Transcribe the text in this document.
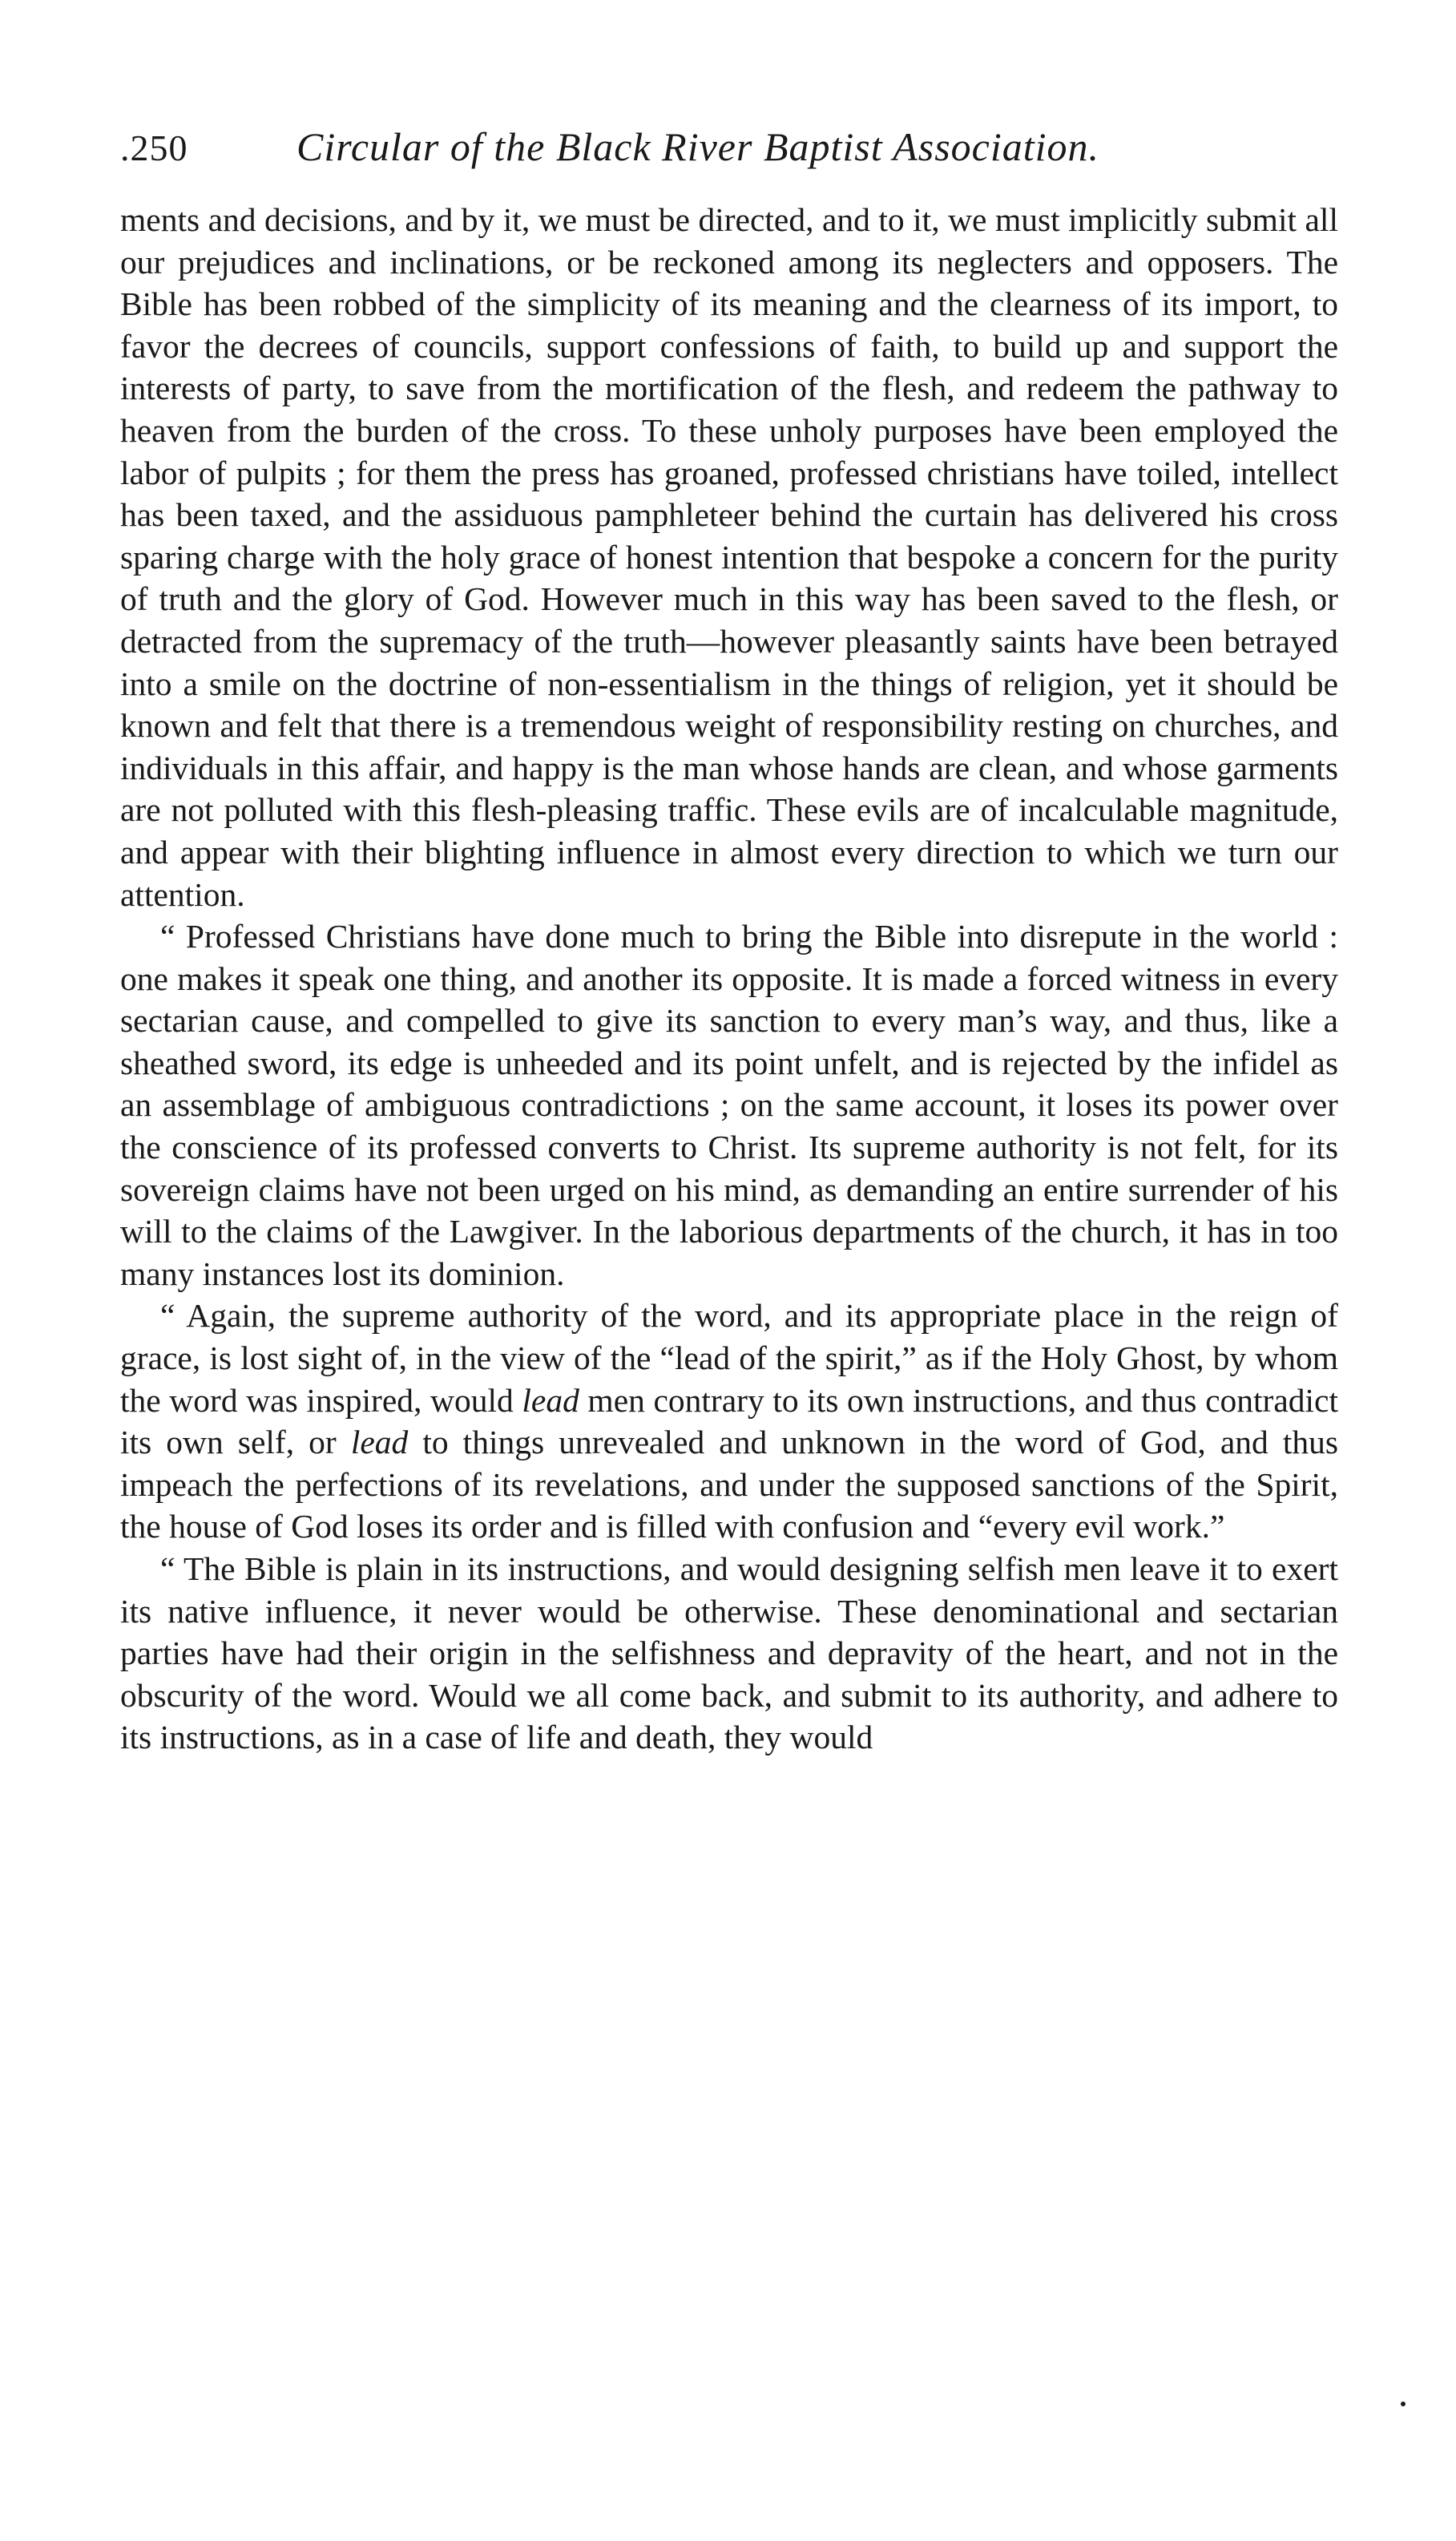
.250	Circular of the Black River Baptist Association.

ments and decisions, and by it, we must be directed, and to it, we must implicitly submit all our prejudices and inclinations, or be reckoned among its neglecters and opposers. The Bible has been robbed of the simplicity of its meaning and the clearness of its import, to favor the decrees of councils, support confessions of faith, to build up and support the interests of party, to save from the mortification of the flesh, and redeem the pathway to heaven from the burden of the cross. To these unholy purposes have been employed the labor of pulpits ; for them the press has groaned, professed christians have toiled, intellect has been taxed, and the assiduous pamphleteer behind the curtain has delivered his cross sparing charge with the holy grace of honest intention that bespoke a concern for the purity of truth and the glory of God. However much in this way has been saved to the flesh, or detracted from the supremacy of the truth—however pleasantly saints have been betrayed into a smile on the doctrine of non-essentialism in the things of religion, yet it should be known and felt that there is a tremendous weight of responsibility resting on churches, and individuals in this affair, and happy is the man whose hands are clean, and whose garments are not polluted with this flesh-pleasing traffic. These evils are of incalculable magnitude, and appear with their blighting influence in almost every direction to which we turn our attention.

“ Professed Christians have done much to bring the Bible into disrepute in the world : one makes it speak one thing, and another its opposite. It is made a forced witness in every sectarian cause, and compelled to give its sanction to every man’s way, and thus, like a sheathed sword, its edge is unheeded and its point unfelt, and is rejected by the infidel as an assemblage of ambiguous contradictions ; on the same account, it loses its power over the conscience of its professed converts to Christ. Its supreme authority is not felt, for its sovereign claims have not been urged on his mind, as demanding an entire surrender of his will to the claims of the Lawgiver. In the laborious departments of the church, it has in too many instances lost its dominion.

“ Again, the supreme authority of the word, and its appropriate place in the reign of grace, is lost sight of, in the view of the “lead of the spirit,” as if the Holy Ghost, by whom the word was inspired, would lead men contrary to its own instructions, and thus contradict its own self, or lead to things unrevealed and unknown in the word of God, and thus impeach the perfections of its revelations, and under the supposed sanctions of the Spirit, the house of God loses its order and is filled with confusion and “every evil work.”

“ The Bible is plain in its instructions, and would designing selfish men leave it to exert its native influence, it never would be otherwise. These denominational and sectarian parties have had their origin in the selfishness and depravity of the heart, and not in the obscurity of the word. Would we all come back, and submit to its authority, and adhere to its instructions, as in a case of life and death, they would
